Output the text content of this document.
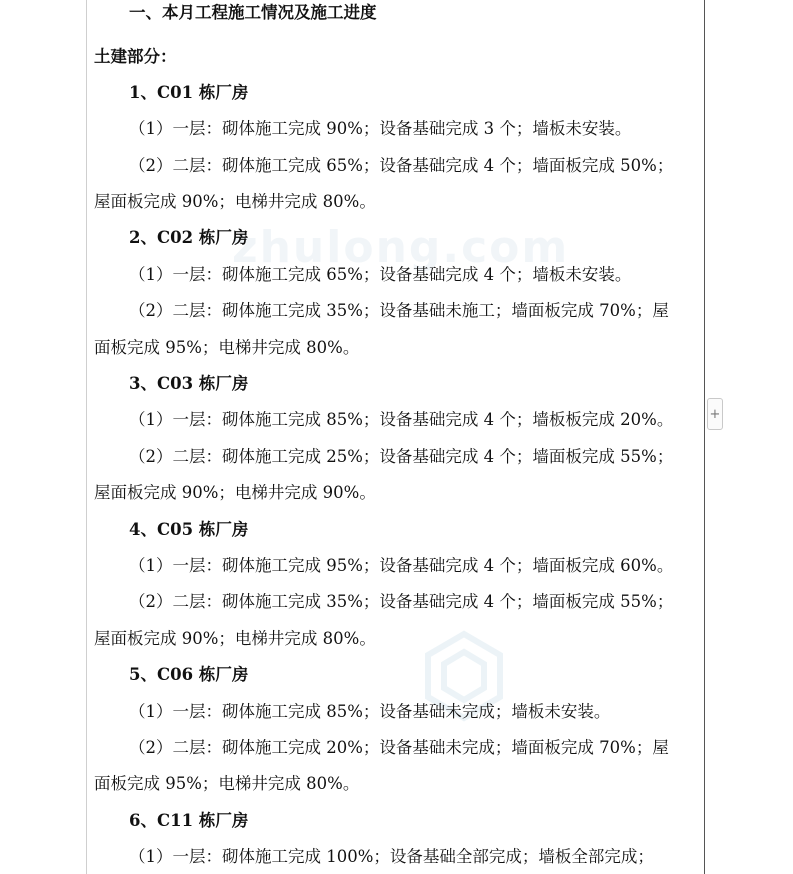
zhulong.com
一、本月工程施工情况及施工进度
土建部分：
1、C01 栋厂房
（1）一层：砌体施工完成 90%；设备基础完成 3 个；墙板未安装。
（2）二层：砌体施工完成 65%；设备基础完成 4 个；墙面板完成 50%；
屋面板完成 90%；电梯井完成 80%。
2、C02 栋厂房
（1）一层：砌体施工完成 65%；设备基础完成 4 个；墙板未安装。
（2）二层：砌体施工完成 35%；设备基础未施工；墙面板完成 70%；屋
面板完成 95%；电梯井完成 80%。
3、C03 栋厂房
（1）一层：砌体施工完成 85%；设备基础完成 4 个；墙板板完成 20%。
（2）二层：砌体施工完成 25%；设备基础完成 4 个；墙面板完成 55%；
屋面板完成 90%；电梯井完成 90%。
4、C05 栋厂房
（1）一层：砌体施工完成 95%；设备基础完成 4 个；墙面板完成 60%。
（2）二层：砌体施工完成 35%；设备基础完成 4 个；墙面板完成 55%；
屋面板完成 90%；电梯井完成 80%。
5、C06 栋厂房
（1）一层：砌体施工完成 85%；设备基础未完成；墙板未安装。
（2）二层：砌体施工完成 20%；设备基础未完成；墙面板完成 70%；屋
面板完成 95%；电梯井完成 80%。
6、C11 栋厂房
（1）一层：砌体施工完成 100%；设备基础全部完成；墙板全部完成；
+
